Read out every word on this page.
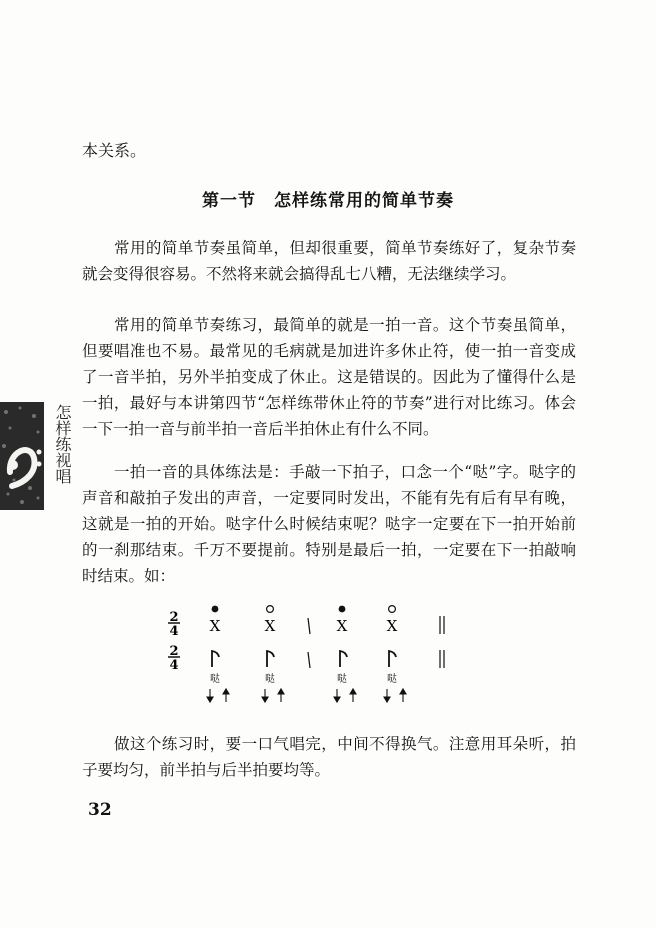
本关系。
第一节　怎样练常用的简单节奏

常用的简单节奏虽简单，但却很重要，简单节奏练好了，复杂节奏就会变得很容易。不然将来就会搞得乱七八糟，无法继续学习。

常用的简单节奏练习，最简单的就是一拍一音。这个节奏虽简单，但要唱准也不易。最常见的毛病就是加进许多休止符，使一拍一音变成了一音半拍，另外半拍变成了休止。这是错误的。因此为了懂得什么是一拍，最好与本讲第四节“怎样练带休止符的节奏”进行对比练习。体会一下一拍一音与前半拍一音后半拍休止有什么不同。

一拍一音的具体练法是：手敲一下拍子，口念一个“哒”字。哒字的声音和敲拍子发出的声音，一定要同时发出，不能有先有后有早有晚，这就是一拍的开始。哒字什么时候结束呢？哒字一定要在下一拍开始前的一刹那结束。千万不要提前。特别是最后一拍，一定要在下一拍敲响时结束。如：

怎样练视唱
2
4 X	X	X	X
2
4
哒	哒	哒	哒

做这个练习时，要一口气唱完，中间不得换气。注意用耳朵听，拍子要均匀，前半拍与后半拍要均等。

32
